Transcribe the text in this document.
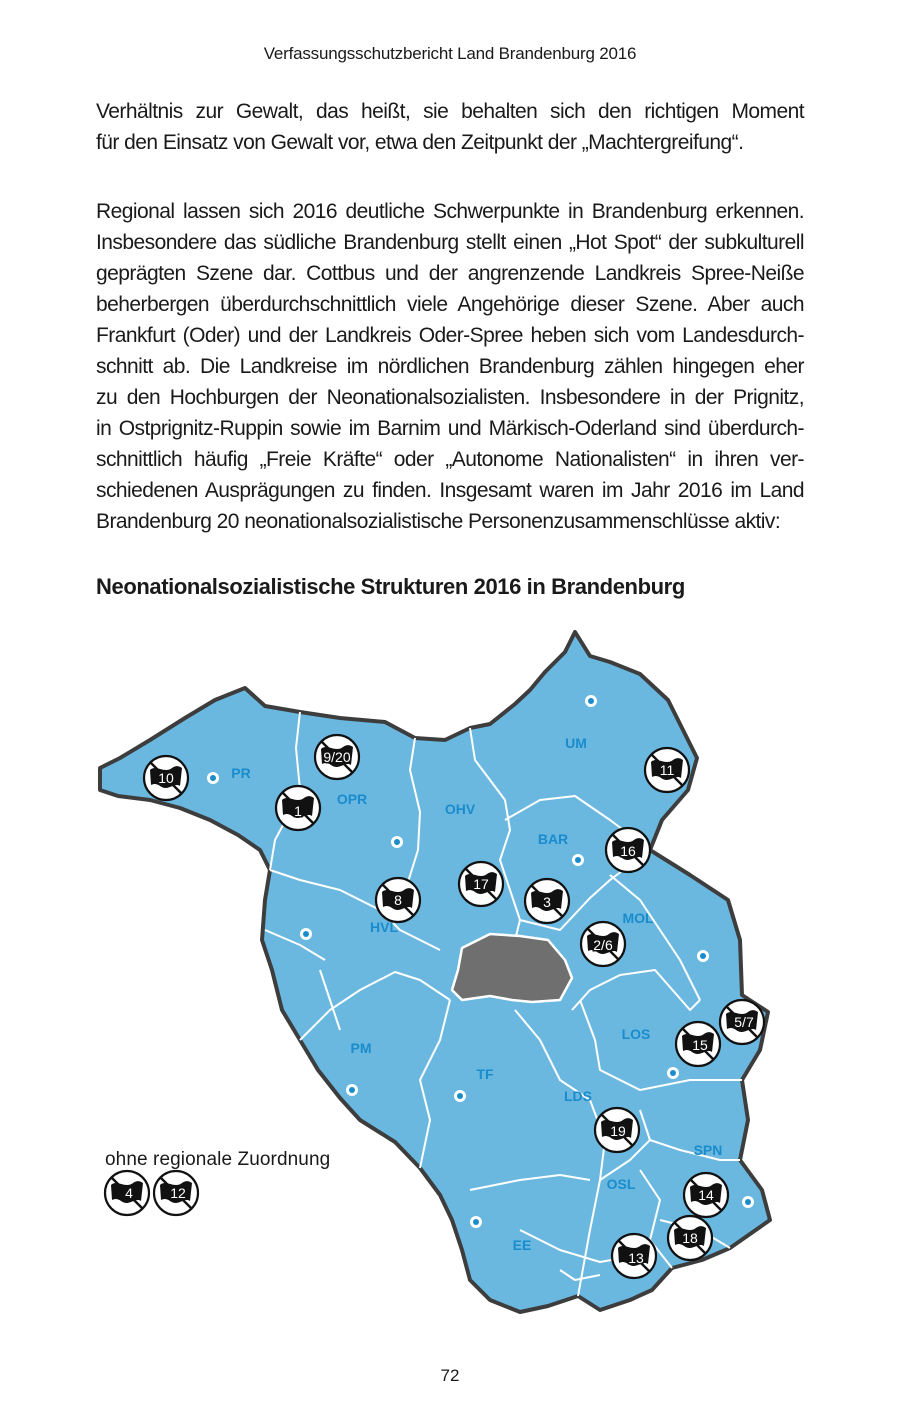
Verfassungsschutzbericht Land Brandenburg 2016

Verhältnis zur Gewalt, das heißt, sie behalten sich den richtigen Moment
für den Einsatz von Gewalt vor, etwa den Zeitpunkt der „Machtergreifung“.

Regional lassen sich 2016 deutliche Schwerpunkte in Brandenburg erkennen.
Insbesondere das südliche Brandenburg stellt einen „Hot Spot“ der subkulturell
geprägten Szene dar. Cottbus und der angrenzende Landkreis Spree-Neiße
beherbergen überdurchschnittlich viele Angehörige dieser Szene. Aber auch
Frankfurt (Oder) und der Landkreis Oder-Spree heben sich vom Landesdurch-
schnitt ab. Die Landkreise im nördlichen Brandenburg zählen hingegen eher
zu den Hochburgen der Neonationalsozialisten. Insbesondere in der Prignitz,
in Ostprignitz-Ruppin sowie im Barnim und Märkisch-Oderland sind überdurch-
schnittlich häufig „Freie Kräfte“ oder „Autonome Nationalisten“ in ihren ver-
schiedenen Ausprägungen zu finden. Insgesamt waren im Jahr 2016 im Land
Brandenburg 20 neonationalsozialistische Personenzusammenschlüsse aktiv:

Neonationalsozialistische Strukturen 2016 in Brandenburg
PR
OPR
OHV
UM
BAR
MOL
HVL
PM
TF
LDS
LOS
SPN
OSL
EE
10
9/20
1
11
16
8
17
3
2/6
5/7
15
19
14
18
13
4	12
ohne regionale Zuordnung
72
